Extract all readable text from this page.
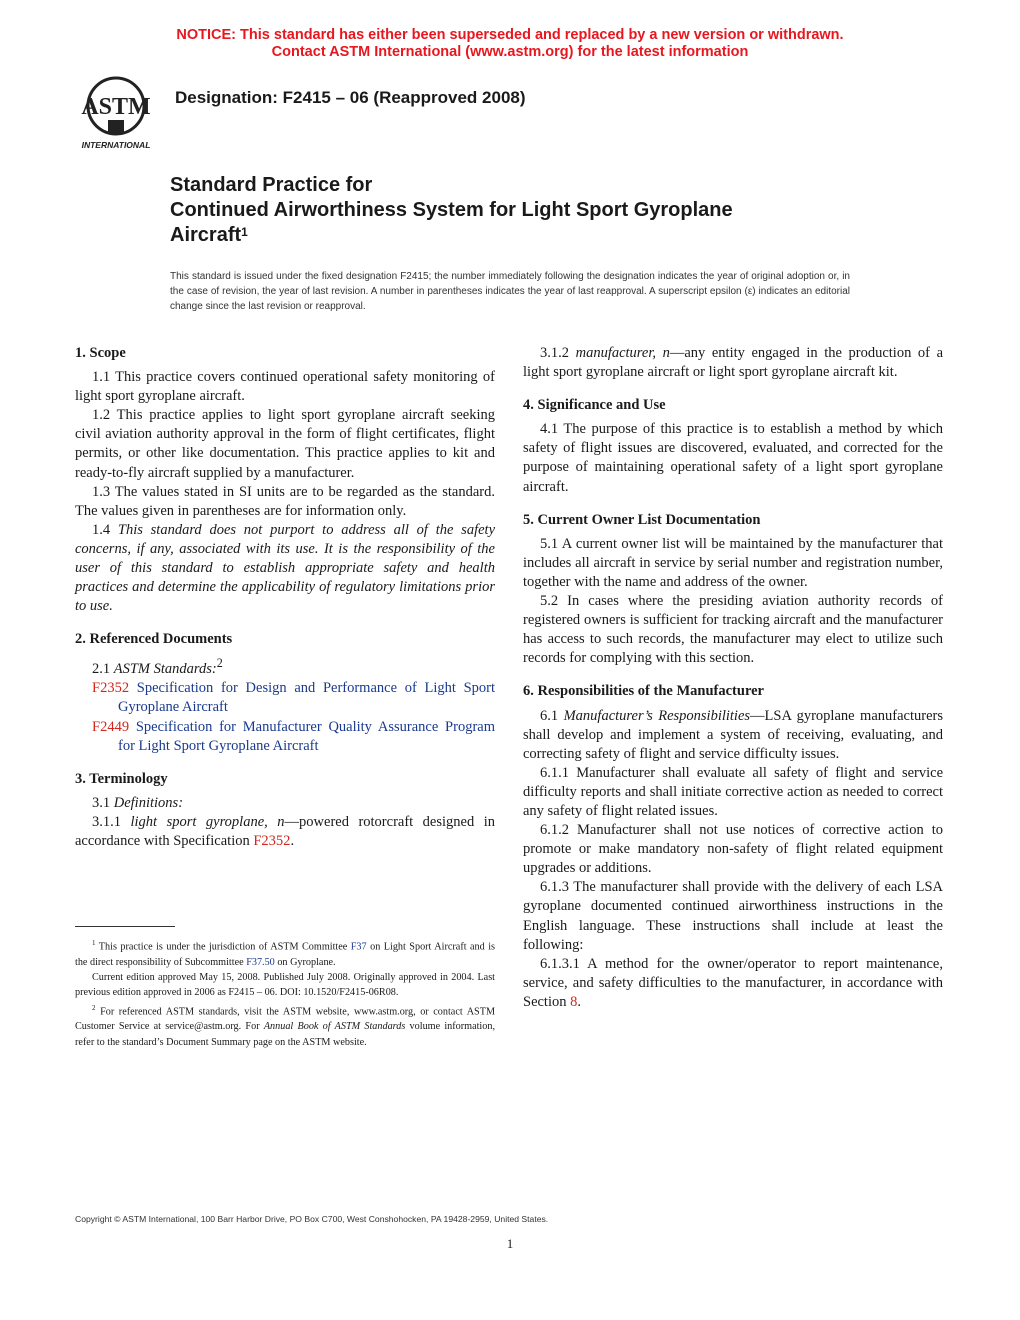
NOTICE: This standard has either been superseded and replaced by a new version or withdrawn.
Contact ASTM International (www.astm.org) for the latest information
ASTM
INTERNATIONAL
Designation: F2415 – 06 (Reapproved 2008)
Standard Practice for
Continued Airworthiness System for Light Sport Gyroplane
Aircraft$^1$
This standard is issued under the fixed designation F2415; the number immediately following the designation indicates the year of original adoption or, in the case of revision, the year of last revision. A number in parentheses indicates the year of last reapproval. A superscript epsilon (ε) indicates an editorial change since the last revision or reapproval.
1. Scope

1.1 This practice covers continued operational safety monitoring of light sport gyroplane aircraft.

1.2 This practice applies to light sport gyroplane aircraft seeking civil aviation authority approval in the form of flight certificates, flight permits, or other like documentation. This practice applies to kit and ready-to-fly aircraft supplied by a manufacturer.

1.3 The values stated in SI units are to be regarded as the standard. The values given in parentheses are for information only.

1.4 This standard does not purport to address all of the safety concerns, if any, associated with its use. It is the responsibility of the user of this standard to establish appropriate safety and health practices and determine the applicability of regulatory limitations prior to use.

2. Referenced Documents

2.1 ASTM Standards:$^2$

F2352 Specification for Design and Performance of Light Sport Gyroplane Aircraft

F2449 Specification for Manufacturer Quality Assurance Program for Light Sport Gyroplane Aircraft

3. Terminology

3.1 Definitions:

3.1.1 light sport gyroplane, n—powered rotorcraft designed in accordance with Specification F2352.

3.1.2 manufacturer, n—any entity engaged in the production of a light sport gyroplane aircraft or light sport gyroplane aircraft kit.

4. Significance and Use

4.1 The purpose of this practice is to establish a method by which safety of flight issues are discovered, evaluated, and corrected for the purpose of maintaining operational safety of a light sport gyroplane aircraft.

5. Current Owner List Documentation

5.1 A current owner list will be maintained by the manufacturer that includes all aircraft in service by serial number and registration number, together with the name and address of the owner.

5.2 In cases where the presiding aviation authority records of registered owners is sufficient for tracking aircraft and the manufacturer has access to such records, the manufacturer may elect to utilize such records for complying with this section.

6. Responsibilities of the Manufacturer

6.1 Manufacturer’s Responsibilities—LSA gyroplane manufacturers shall develop and implement a system of receiving, evaluating, and correcting safety of flight and service difficulty issues.

6.1.1 Manufacturer shall evaluate all safety of flight and service difficulty reports and shall initiate corrective action as needed to correct any safety of flight related issues.

6.1.2 Manufacturer shall not use notices of corrective action to promote or make mandatory non-safety of flight related equipment upgrades or additions.

6.1.3 The manufacturer shall provide with the delivery of each LSA gyroplane documented continued airworthiness instructions in the English language. These instructions shall include at least the following:

6.1.3.1 A method for the owner/operator to report maintenance, service, and safety difficulties to the manufacturer, in accordance with Section 8.

$^1$ This practice is under the jurisdiction of ASTM Committee F37 on Light Sport Aircraft and is the direct responsibility of Subcommittee F37.50 on Gyroplane.

Current edition approved May 15, 2008. Published July 2008. Originally approved in 2004. Last previous edition approved in 2006 as F2415 – 06. DOI: 10.1520/F2415-06R08.

$^2$ For referenced ASTM standards, visit the ASTM website, www.astm.org, or contact ASTM Customer Service at service@astm.org. For Annual Book of ASTM Standards volume information, refer to the standard’s Document Summary page on the ASTM website.

Copyright © ASTM International, 100 Barr Harbor Drive, PO Box C700, West Conshohocken, PA 19428-2959, United States.
1
